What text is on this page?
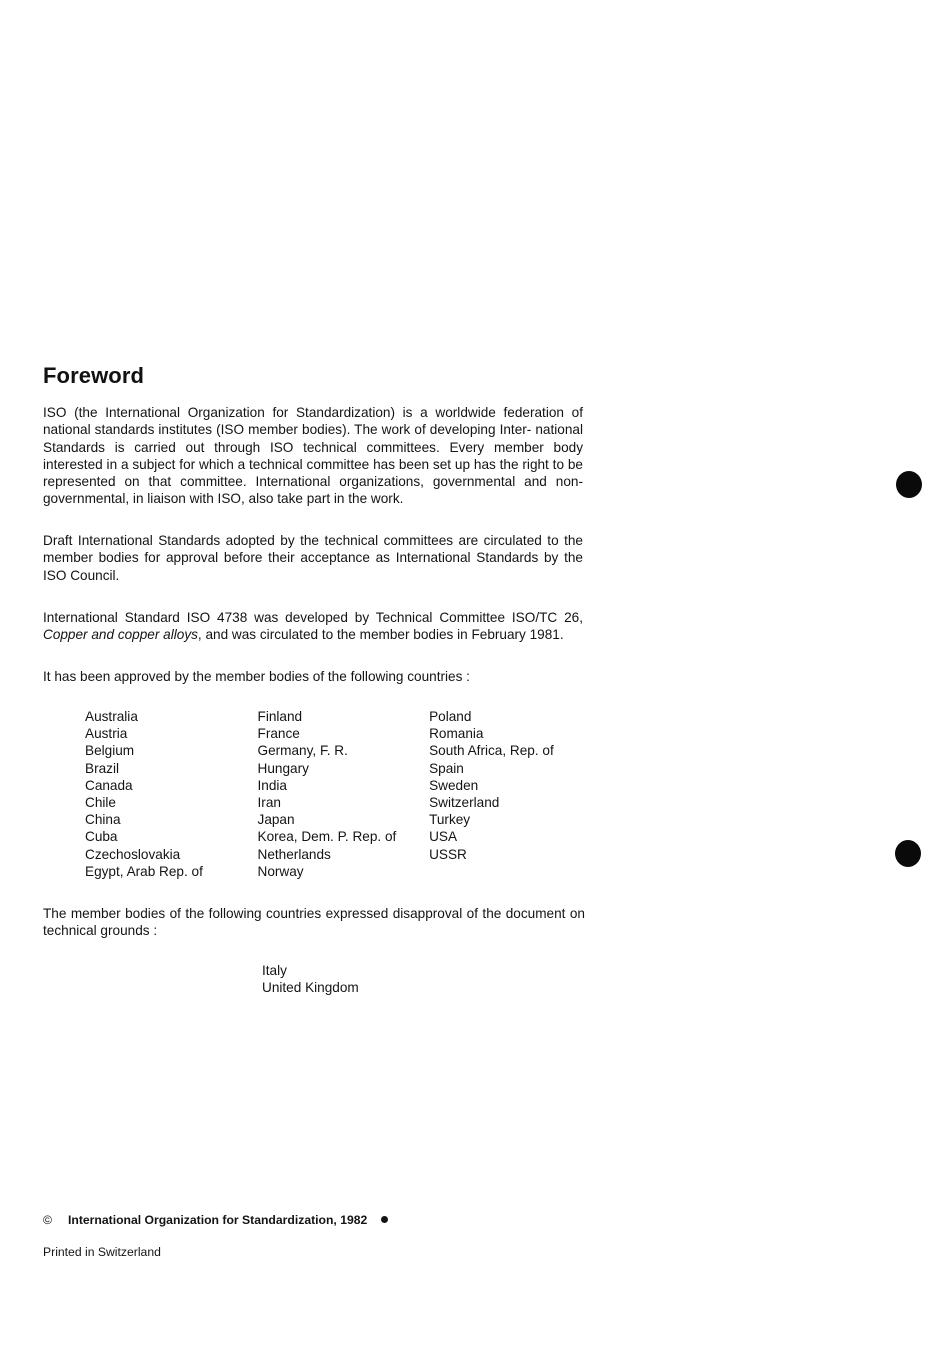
Foreword

ISO (the International Organization for Standardization) is a worldwide federation of national standards institutes (ISO member bodies). The work of developing Inter- national Standards is carried out through ISO technical committees. Every member body interested in a subject for which a technical committee has been set up has the right to be represented on that committee. International organizations, governmental and non-governmental, in liaison with ISO, also take part in the work.

Draft International Standards adopted by the technical committees are circulated to the member bodies for approval before their acceptance as International Standards by the ISO Council.

International Standard ISO 4738 was developed by Technical Committee ISO/TC 26, Copper and copper alloys, and was circulated to the member bodies in February 1981.

It has been approved by the member bodies of the following countries :

Australia
Austria
Belgium
Brazil
Canada
Chile
China
Cuba
Czechoslovakia
Egypt, Arab Rep. of
Finland
France
Germany, F. R.
Hungary
India
Iran
Japan
Korea, Dem. P. Rep. of
Netherlands
Norway
Poland
Romania
South Africa, Rep. of
Spain
Sweden
Switzerland
Turkey
USA
USSR

The member bodies of the following countries expressed disapproval of the document on technical grounds :

Italy
United Kingdom
© International Organization for Standardization, 1982
Printed in Switzerland
